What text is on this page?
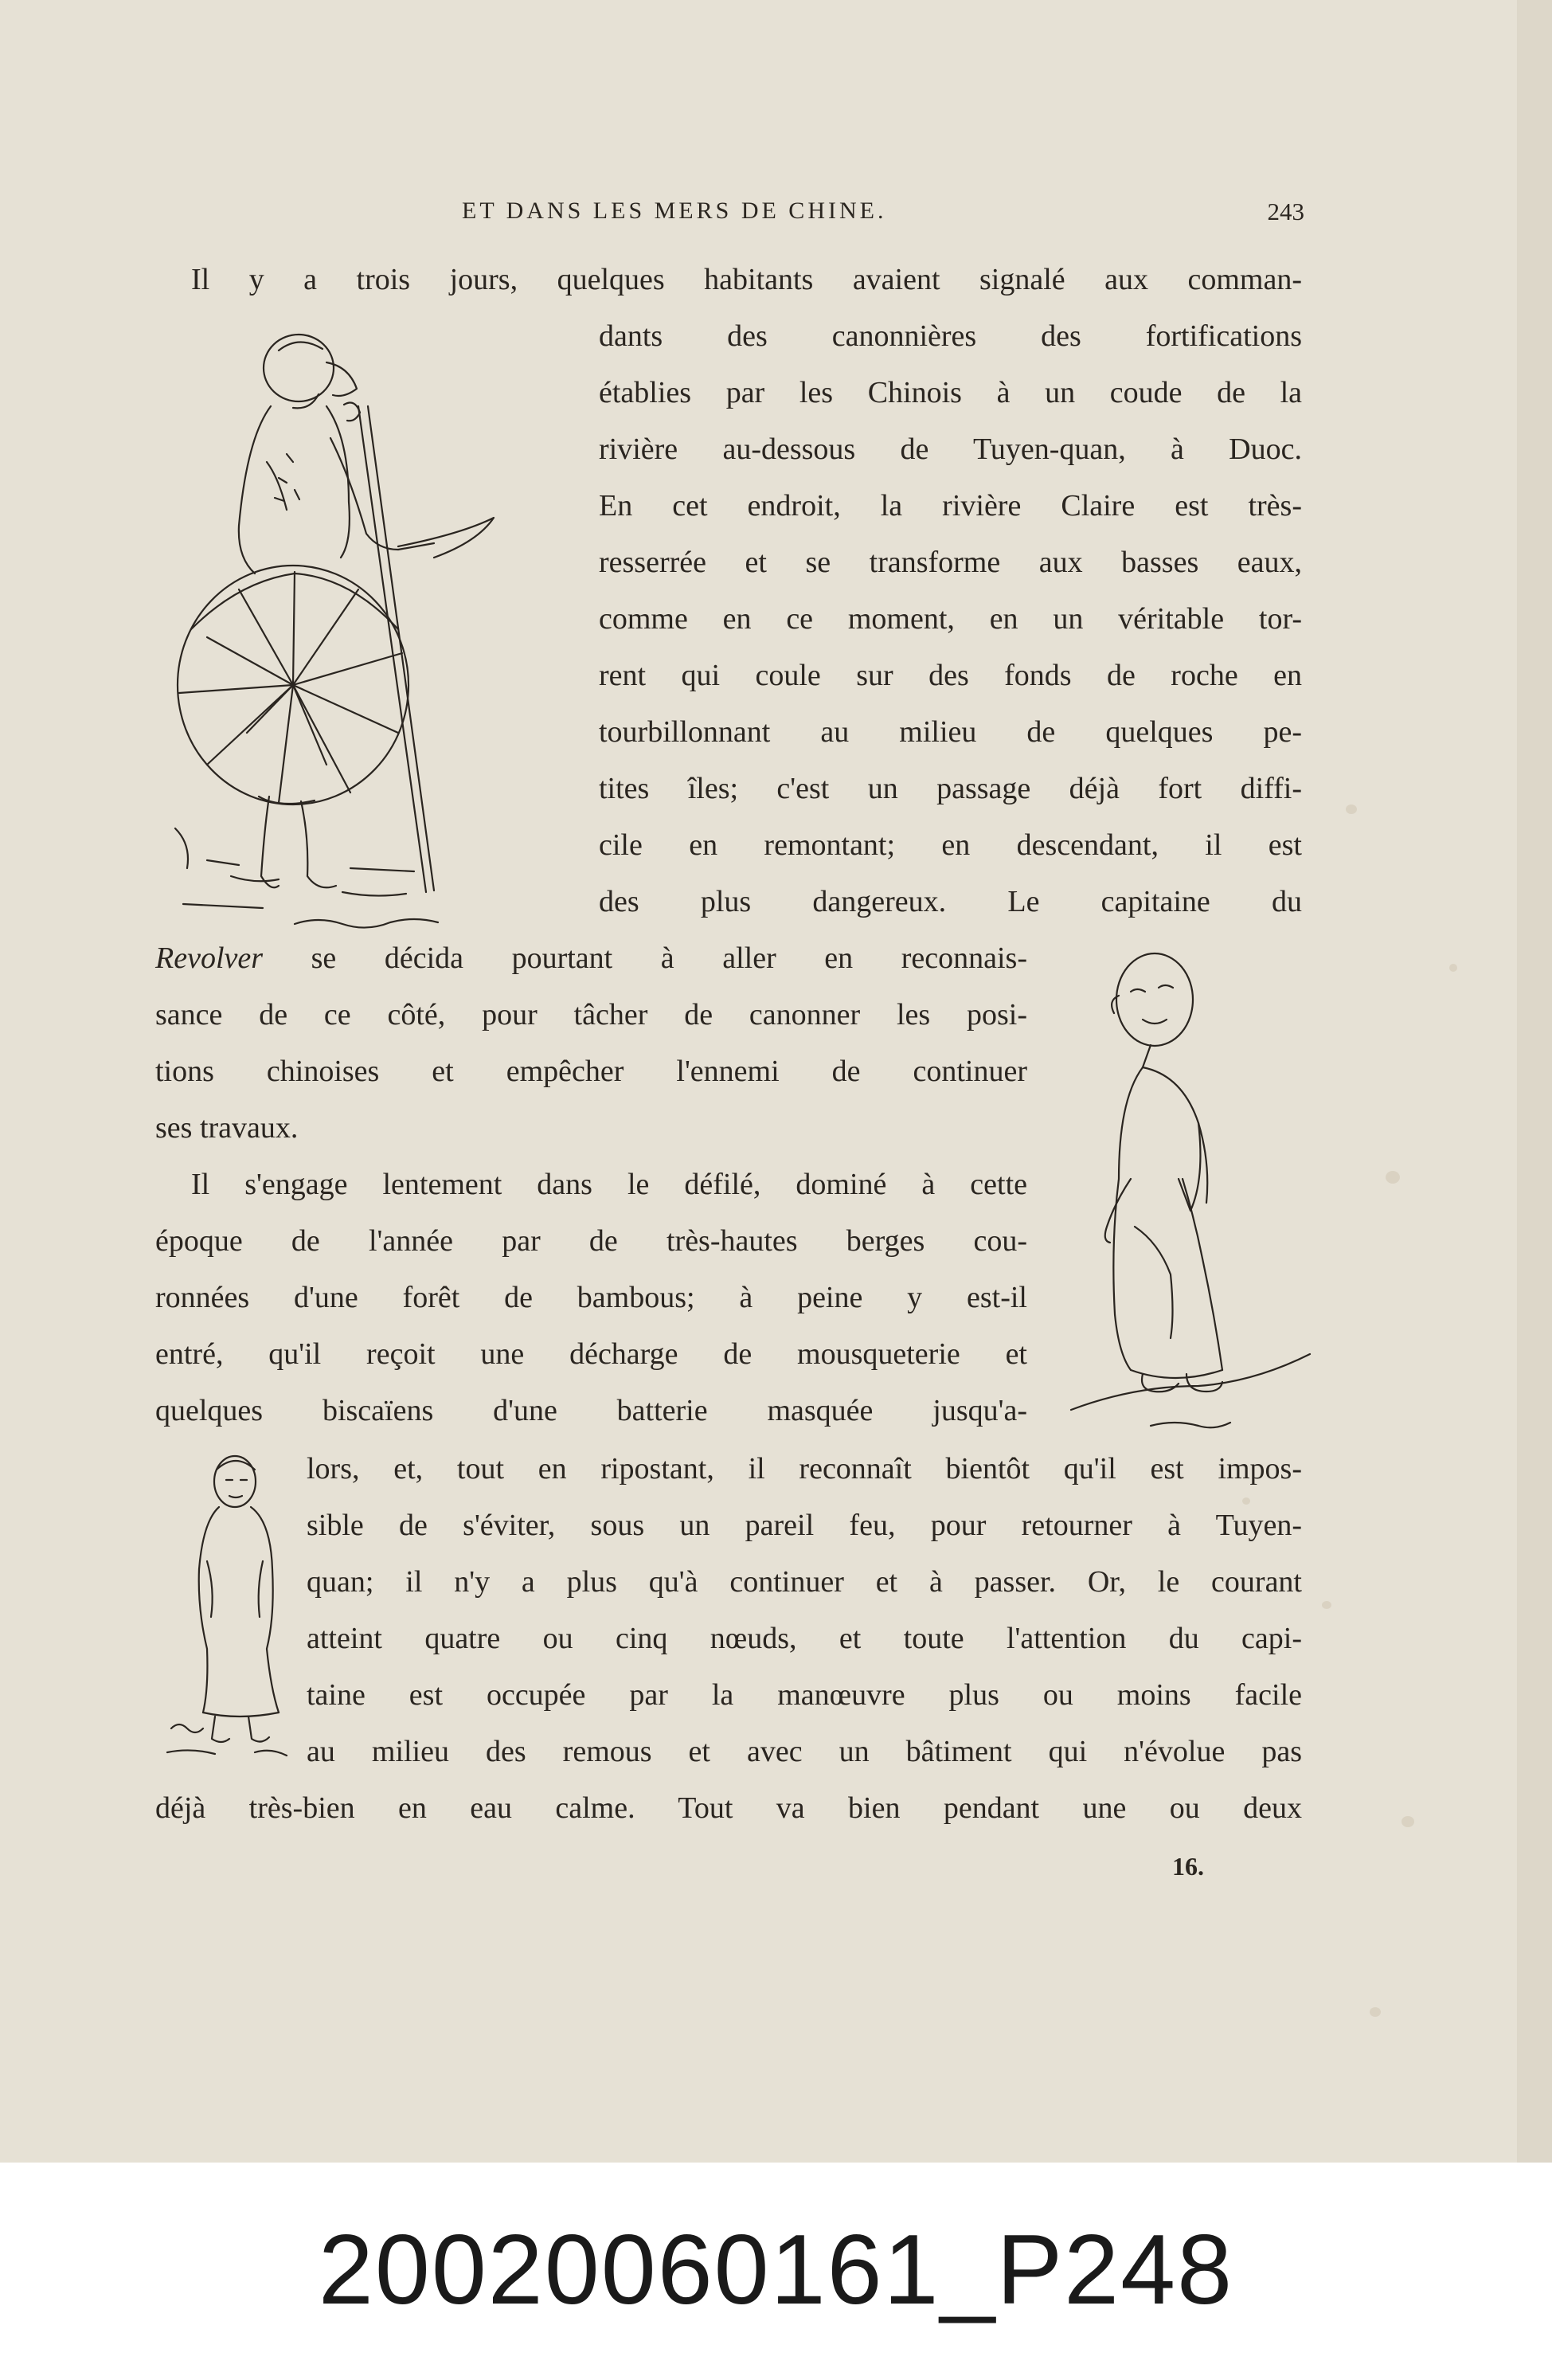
ET DANS LES MERS DE CHINE.	243
Il y a trois jours, quelques habitants avaient signalé aux comman-
dants des canonnières des fortifications
établies par les Chinois à un coude de la
rivière au-dessous de Tuyen-quan, à Duoc.
En cet endroit, la rivière Claire est très-
resserrée et se transforme aux basses eaux,
comme en ce moment, en un véritable tor-
rent qui coule sur des fonds de roche en
tourbillonnant au milieu de quelques pe-
tites îles; c'est un passage déjà fort diffi-
cile en remontant; en descendant, il est
des plus dangereux. Le capitaine du
Revolver se décida pourtant à aller en reconnais-
sance de ce côté, pour tâcher de canonner les posi-
tions chinoises et empêcher l'ennemi de continuer
ses travaux.
Il s'engage lentement dans le défilé, dominé à cette
époque de l'année par de très-hautes berges cou-
ronnées d'une forêt de bambous; à peine y est-il
entré, qu'il reçoit une décharge de mousqueterie et
quelques biscaïens d'une batterie masquée jusqu'a-
lors, et, tout en ripostant, il reconnaît bientôt qu'il est impos-
sible de s'éviter, sous un pareil feu, pour retourner à Tuyen-
quan; il n'y a plus qu'à continuer et à passer. Or, le courant
atteint quatre ou cinq nœuds, et toute l'attention du capi-
taine est occupée par la manœuvre plus ou moins facile
au milieu des remous et avec un bâtiment qui n'évolue pas
déjà très-bien en eau calme. Tout va bien pendant une ou deux
16.
20020060161_P248
